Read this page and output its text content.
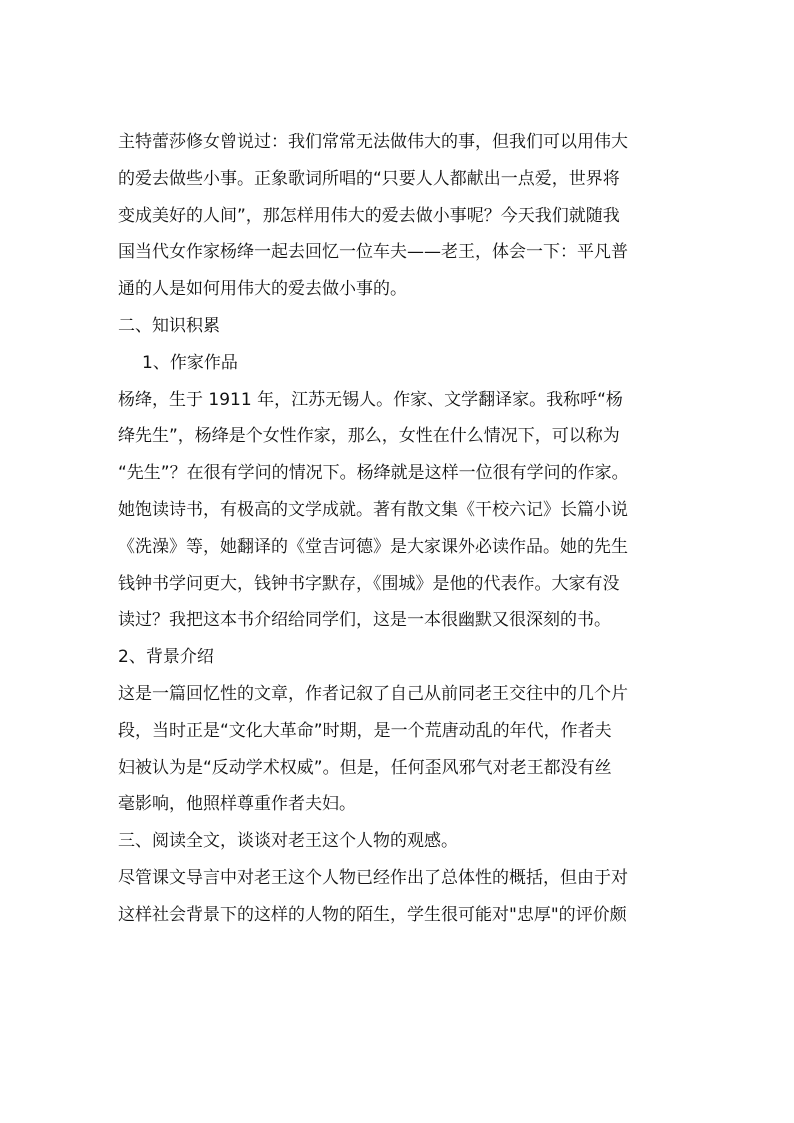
主特蕾莎修女曾说过：我们常常无法做伟大的事，但我们可以用伟大
的爱去做些小事。正象歌词所唱的“只要人人都献出一点爱，世界将
变成美好的人间”，那怎样用伟大的爱去做小事呢？今天我们就随我
国当代女作家杨绛一起去回忆一位车夫——老王，体会一下：平凡普
通的人是如何用伟大的爱去做小事的。
二、知识积累
1、作家作品
杨绛，生于 1911 年，江苏无锡人。作家、文学翻译家。我称呼“杨
绛先生”，杨绛是个女性作家，那么，女性在什么情况下，可以称为
“先生”？在很有学问的情况下。杨绛就是这样一位很有学问的作家。
她饱读诗书，有极高的文学成就。著有散文集《干校六记》长篇小说
《洗澡》等，她翻译的《堂吉诃德》是大家课外必读作品。她的先生
钱钟书学问更大，钱钟书字默存，《围城》是他的代表作。大家有没
读过？我把这本书介绍给同学们，这是一本很幽默又很深刻的书。
2、背景介绍
这是一篇回忆性的文章，作者记叙了自己从前同老王交往中的几个片
段，当时正是“文化大革命”时期，是一个荒唐动乱的年代，作者夫
妇被认为是“反动学术权威”。但是，任何歪风邪气对老王都没有丝
毫影响，他照样尊重作者夫妇。
三、阅读全文，谈谈对老王这个人物的观感。
尽管课文导言中对老王这个人物已经作出了总体性的概括，但由于对
这样社会背景下的这样的人物的陌生，学生很可能对"忠厚"的评价颇
